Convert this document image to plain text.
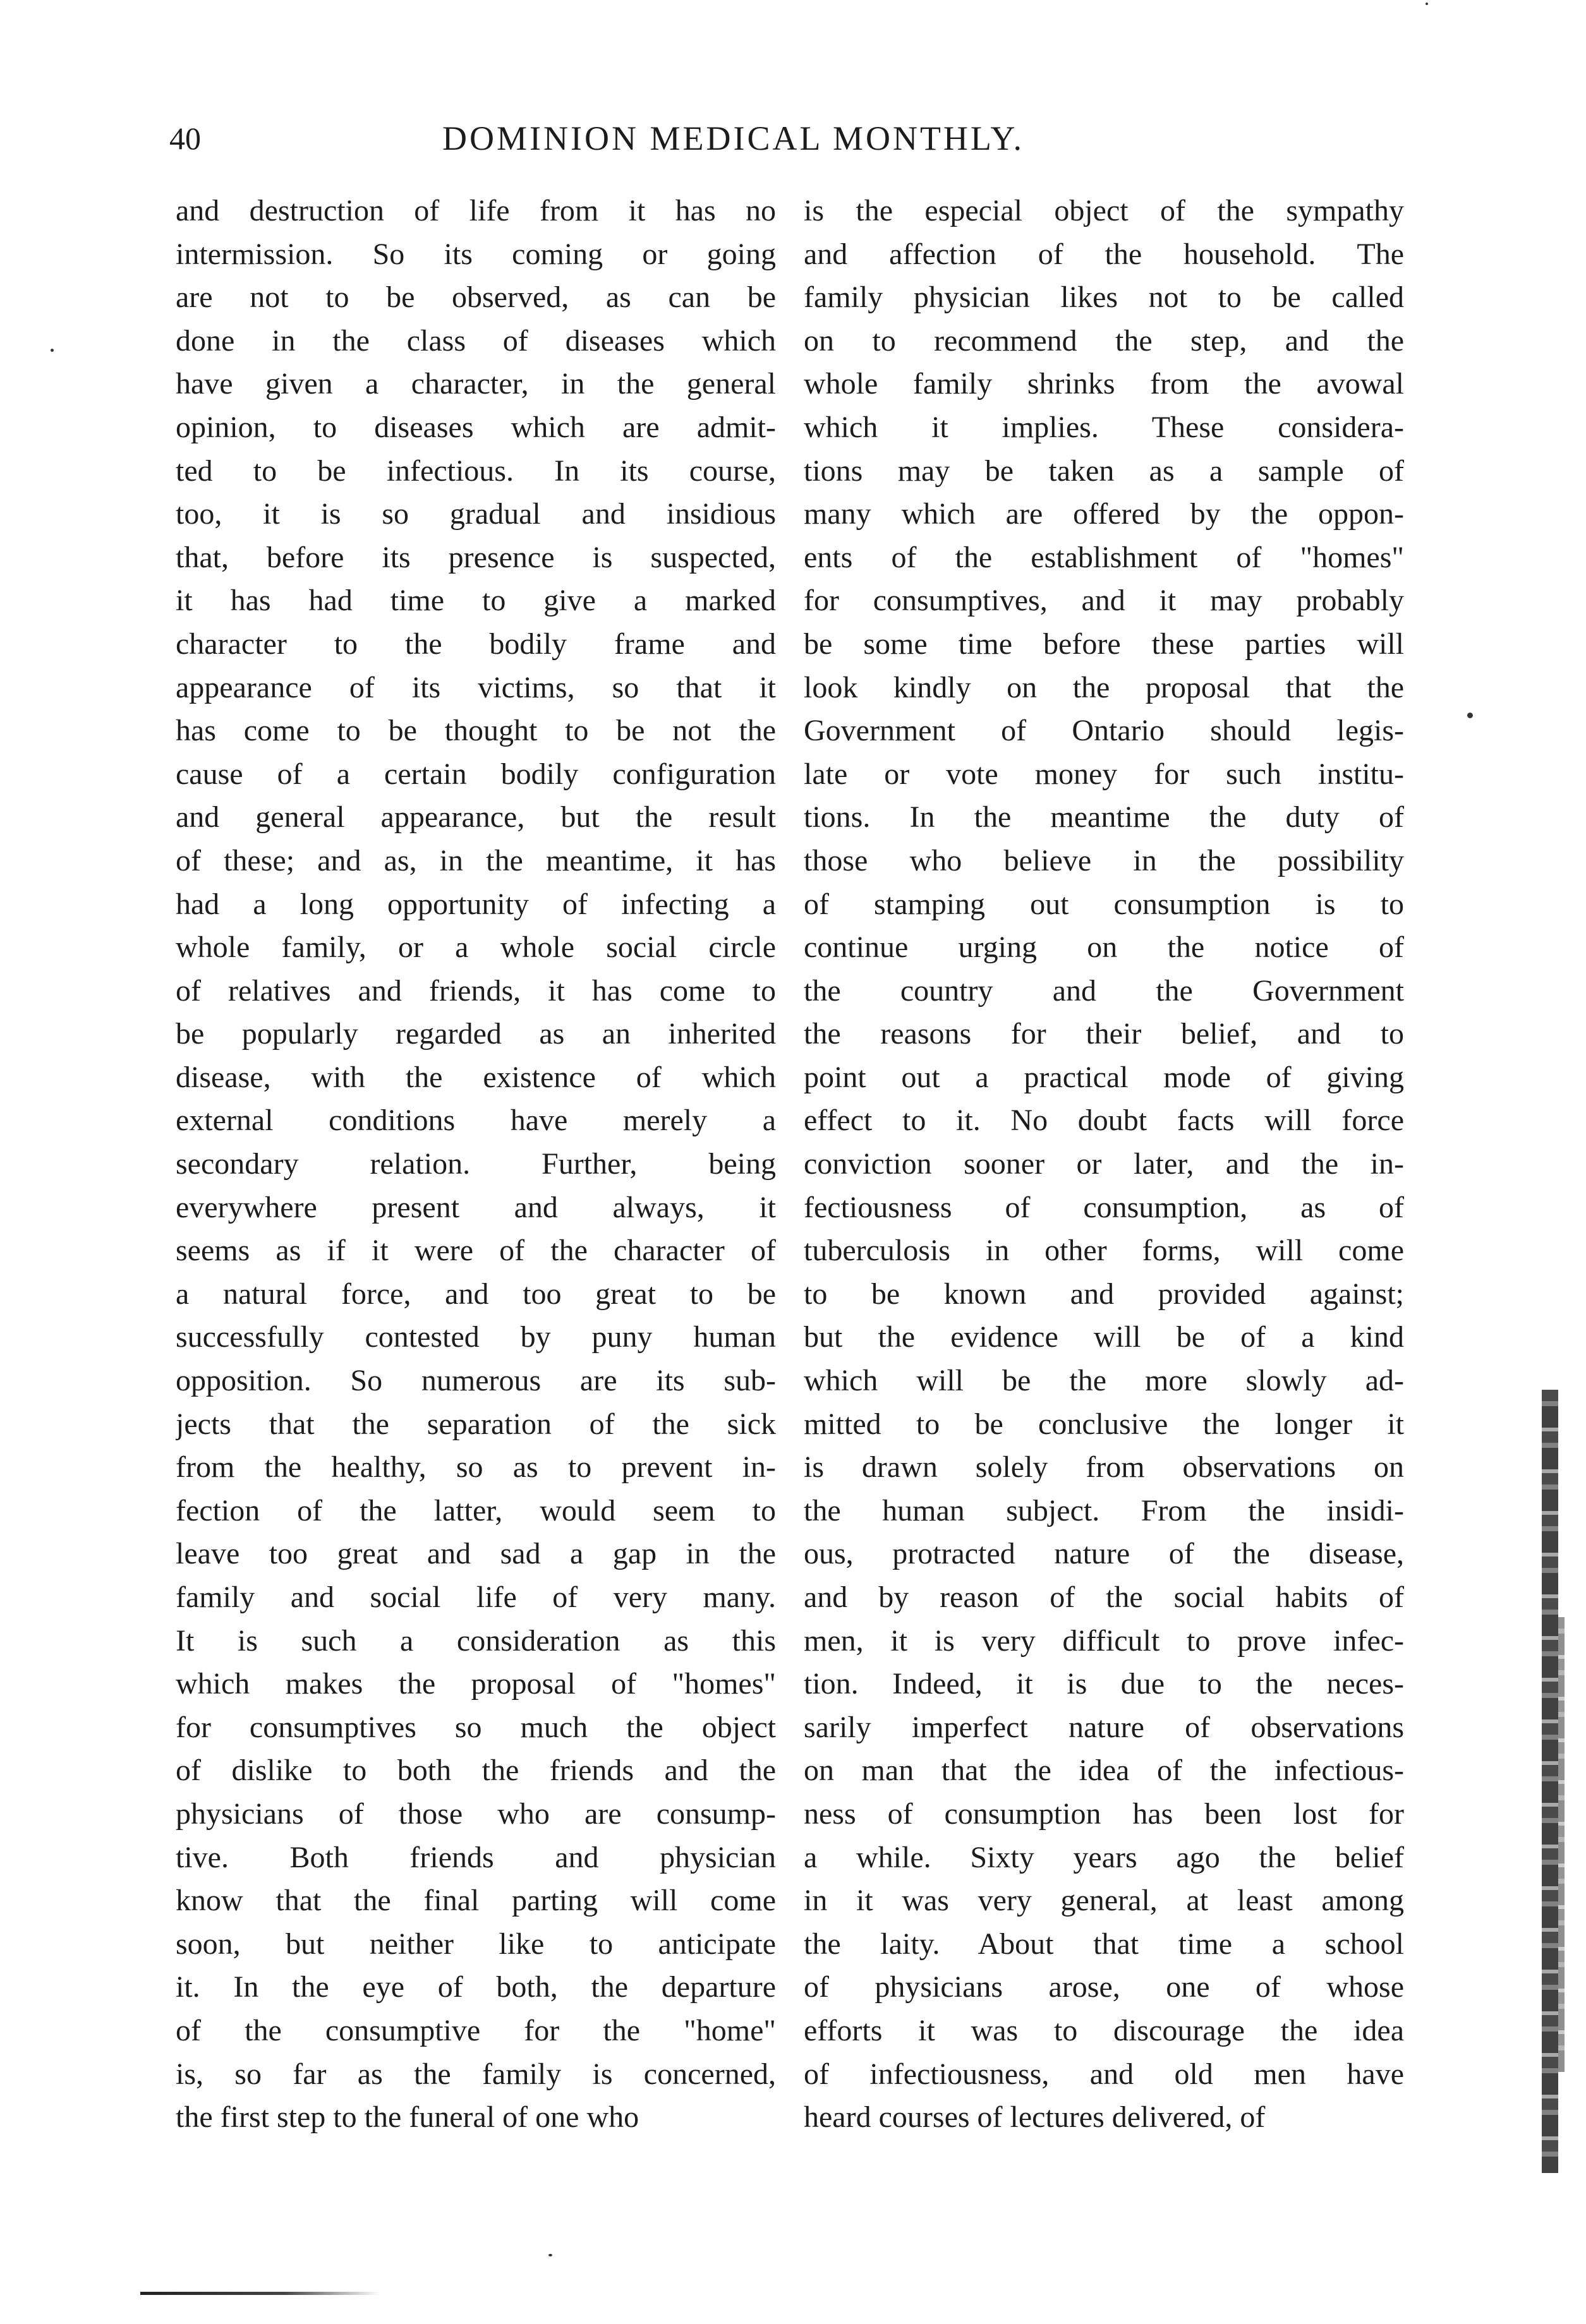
40	DOMINION MEDICAL MONTHLY.
and destruction of life from it has no
intermission. So its coming or going
are not to be observed, as can be
done in the class of diseases which
have given a character, in the general
opinion, to diseases which are admit-
ted to be infectious. In its course,
too, it is so gradual and insidious
that, before its presence is suspected,
it has had time to give a marked
character to the bodily frame and
appearance of its victims, so that it
has come to be thought to be not the
cause of a certain bodily configuration
and general appearance, but the result
of these; and as, in the meantime, it has
had a long opportunity of infecting a
whole family, or a whole social circle
of relatives and friends, it has come to
be popularly regarded as an inherited
disease, with the existence of which
external conditions have merely a
secondary relation. Further, being
everywhere present and always, it
seems as if it were of the character of
a natural force, and too great to be
successfully contested by puny human
opposition. So numerous are its sub-
jects that the separation of the sick
from the healthy, so as to prevent in-
fection of the latter, would seem to
leave too great and sad a gap in the
family and social life of very many.
It is such a consideration as this
which makes the proposal of "homes"
for consumptives so much the object
of dislike to both the friends and the
physicians of those who are consump-
tive. Both friends and physician
know that the final parting will come
soon, but neither like to anticipate
it. In the eye of both, the departure
of the consumptive for the "home"
is, so far as the family is concerned,
the first step to the funeral of one who
is the especial object of the sympathy
and affection of the household. The
family physician likes not to be called
on to recommend the step, and the
whole family shrinks from the avowal
which it implies. These considera-
tions may be taken as a sample of
many which are offered by the oppon-
ents of the establishment of "homes"
for consumptives, and it may probably
be some time before these parties will
look kindly on the proposal that the
Government of Ontario should legis-
late or vote money for such institu-
tions. In the meantime the duty of
those who believe in the possibility
of stamping out consumption is to
continue urging on the notice of
the country and the Government
the reasons for their belief, and to
point out a practical mode of giving
effect to it. No doubt facts will force
conviction sooner or later, and the in-
fectiousness of consumption, as of
tuberculosis in other forms, will come
to be known and provided against;
but the evidence will be of a kind
which will be the more slowly ad-
mitted to be conclusive the longer it
is drawn solely from observations on
the human subject. From the insidi-
ous, protracted nature of the disease,
and by reason of the social habits of
men, it is very difficult to prove infec-
tion. Indeed, it is due to the neces-
sarily imperfect nature of observations
on man that the idea of the infectious-
ness of consumption has been lost for
a while. Sixty years ago the belief
in it was very general, at least among
the laity. About that time a school
of physicians arose, one of whose
efforts it was to discourage the idea
of infectiousness, and old men have
heard courses of lectures delivered, of
